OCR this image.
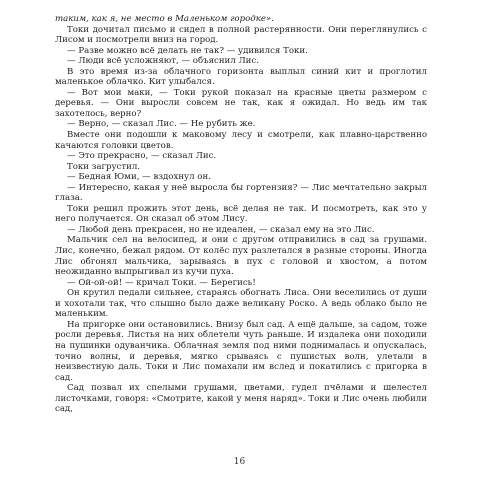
таким, как я, не место в Маленьком городке».

Токи дочитал письмо и сидел в полной растерянности. Они переглянулись с Лисом и посмотрели вниз на город.

— Разве можно всё делать не так? — удивился Токи.

— Люди всё усложняют, — объяснил Лис.

В это время из-за облачного горизонта выплыл синий кит и проглотил маленькое облачко. Кит улыбался.

— Вот мои маки, — Токи рукой показал на красные цветы размером с деревья. — Они выросли совсем не так, как я ожидал. Но ведь им так захотелось, верно?

— Верно, — сказал Лис. — Не рубить же.

Вместе они подошли к маковому лесу и смотрели, как плавно-царственно качаются головки цветов.

— Это прекрасно, — сказал Лис.

Токи загрустил.

— Бедная Юми, — вздохнул он.

— Интересно, какая у неё выросла бы гортензия? — Лис мечтательно закрыл глаза.

Токи решил прожить этот день, всё делая не так. И посмотреть, как это у него получается. Он сказал об этом Лису.

— Любой день прекрасен, но не идеален, — сказал ему на это Лис.

Мальчик сел на велосипед, и они с другом отправились в сад за грушами. Лис, конечно, бежал рядом. От колёс пух разлетался в разные стороны. Иногда Лис обгонял мальчика, зарываясь в пух с головой и хвостом, а потом неожиданно выпрыгивал из кучи пуха.

— Ой-ой-ой! — кричал Токи. — Берегись!

Он крутил педали сильнее, стараясь обогнать Лиса. Они веселились от души и хохотали так, что слышно было даже великану Роско. А ведь облако было не маленьким.

На пригорке они остановились. Внизу был сад. А ещё дальше, за садом, тоже росли деревья. Листья на них облетели чуть раньше. И издалека они походили на пушинки одуванчика. Облачная земля под ними поднималась и опускалась, точно волны, и деревья, мягко срываясь с пушистых волн, улетали в неизвестную даль. Токи и Лис помахали им вслед и покатились с пригорка в сад.

Сад позвал их спелыми грушами, цветами, гудел пчёлами и шелестел листочками, говоря: «Смотрите, какой у меня наряд». Токи и Лис очень любили сад,

16
